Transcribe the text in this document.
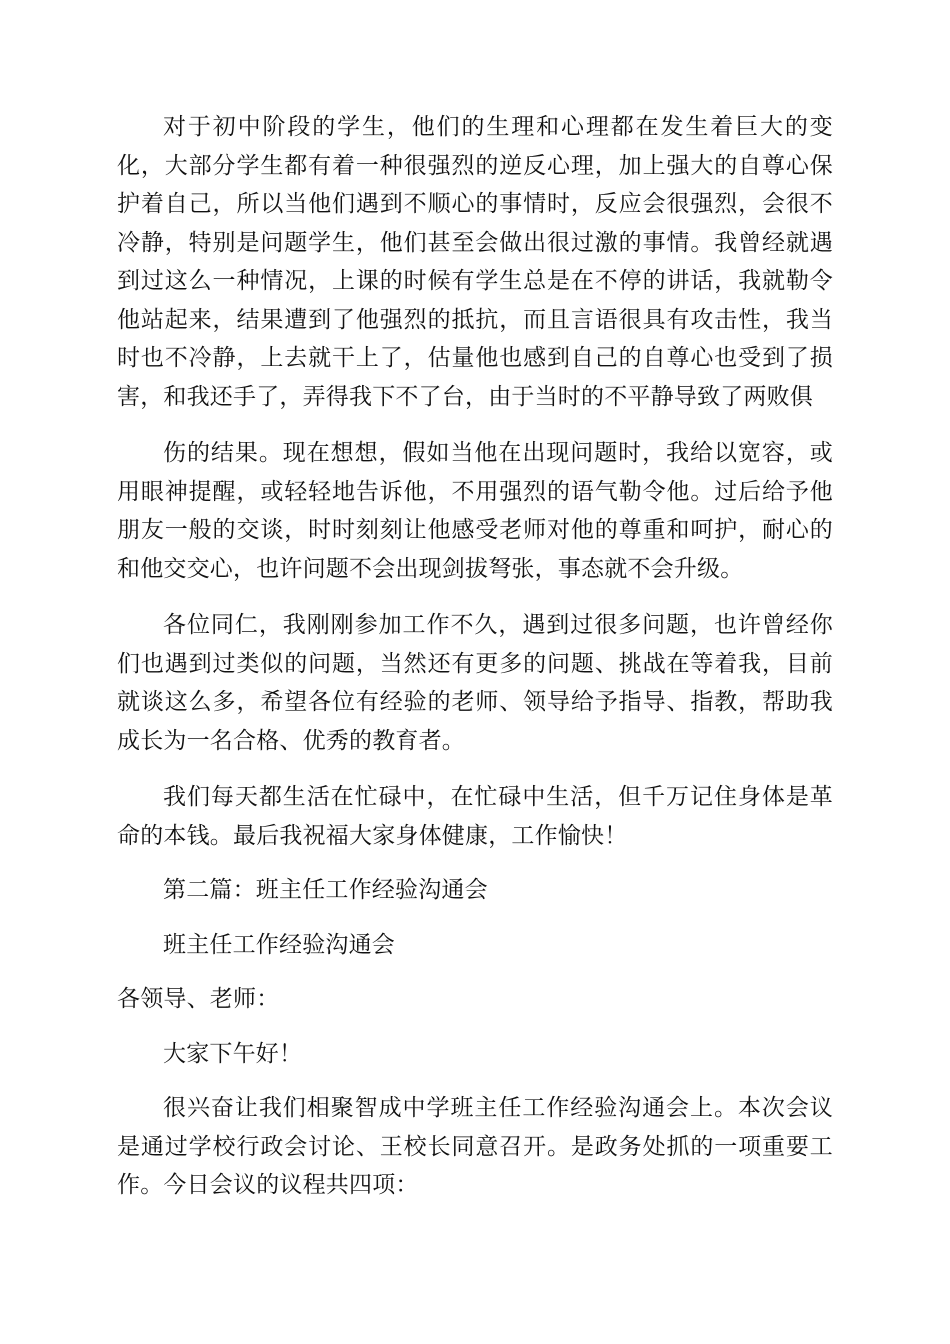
对于初中阶段的学生，他们的生理和心理都在发生着巨大的变化，大部分学生都有着一种很强烈的逆反心理，加上强大的自尊心保护着自己，所以当他们遇到不顺心的事情时，反应会很强烈，会很不冷静，特别是问题学生，他们甚至会做出很过激的事情。我曾经就遇到过这么一种情况，上课的时候有学生总是在不停的讲话，我就勒令他站起来，结果遭到了他强烈的抵抗，而且言语很具有攻击性，我当时也不冷静，上去就干上了，估量他也感到自己的自尊心也受到了损害，和我还手了，弄得我下不了台，由于当时的不平静导致了两败俱

伤的结果。现在想想，假如当他在出现问题时，我给以宽容，或用眼神提醒，或轻轻地告诉他，不用强烈的语气勒令他。过后给予他朋友一般的交谈，时时刻刻让他感受老师对他的尊重和呵护，耐心的和他交交心，也许问题不会出现剑拔弩张，事态就不会升级。

各位同仁，我刚刚参加工作不久，遇到过很多问题，也许曾经你们也遇到过类似的问题，当然还有更多的问题、挑战在等着我，目前就谈这么多，希望各位有经验的老师、领导给予指导、指教，帮助我成长为一名合格、优秀的教育者。

我们每天都生活在忙碌中，在忙碌中生活，但千万记住身体是革命的本钱。最后我祝福大家身体健康，工作愉快！

第二篇：班主任工作经验沟通会

班主任工作经验沟通会

各领导、老师：

大家下午好！

很兴奋让我们相聚智成中学班主任工作经验沟通会上。本次会议是通过学校行政会讨论、王校长同意召开。是政务处抓的一项重要工作。今日会议的议程共四项：
